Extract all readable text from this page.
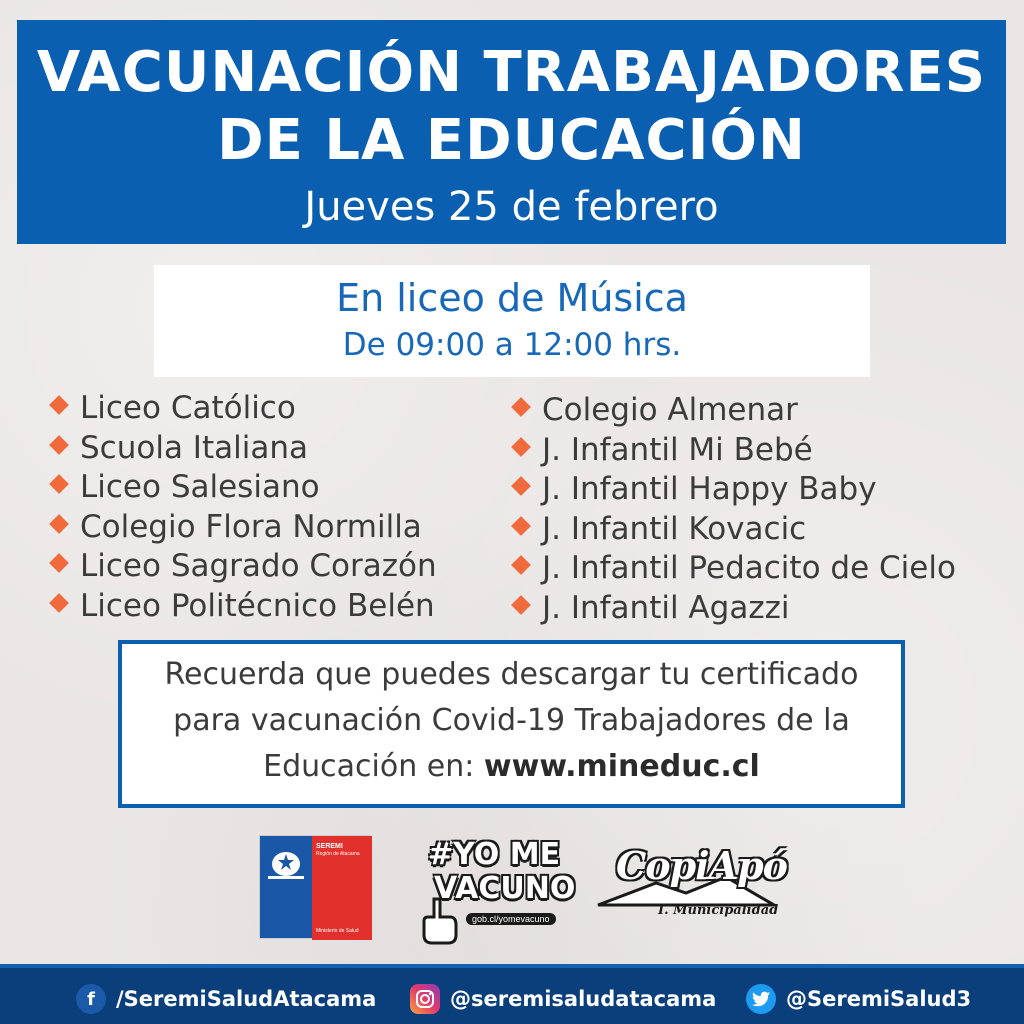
VACUNACIÓN TRABAJADORES
DE LA EDUCACIÓN
Jueves 25 de febrero
En liceo de Música
De 09:00 a 12:00 hrs.
Liceo Católico
Scuola Italiana
Liceo Salesiano
Colegio Flora Normilla
Liceo Sagrado Corazón
Liceo Politécnico Belén
Colegio Almenar
J. Infantil Mi Bebé
J. Infantil Happy Baby
J. Infantil Kovacic
J. Infantil Pedacito de Cielo
J. Infantil Agazzi
Recuerda que puedes descargar tu certificado
para vacunación Covid-19 Trabajadores de la
Educación en: www.mineduc.cl
SEREMI
Región de Atacama
Ministerio de Salud
#YO ME
VACUNO
gob.cl/yomevacuno
CopiApó
I. Municipalidad
f	/SeremiSaludAtacama	@seremisaludatacama	@SeremiSalud3
